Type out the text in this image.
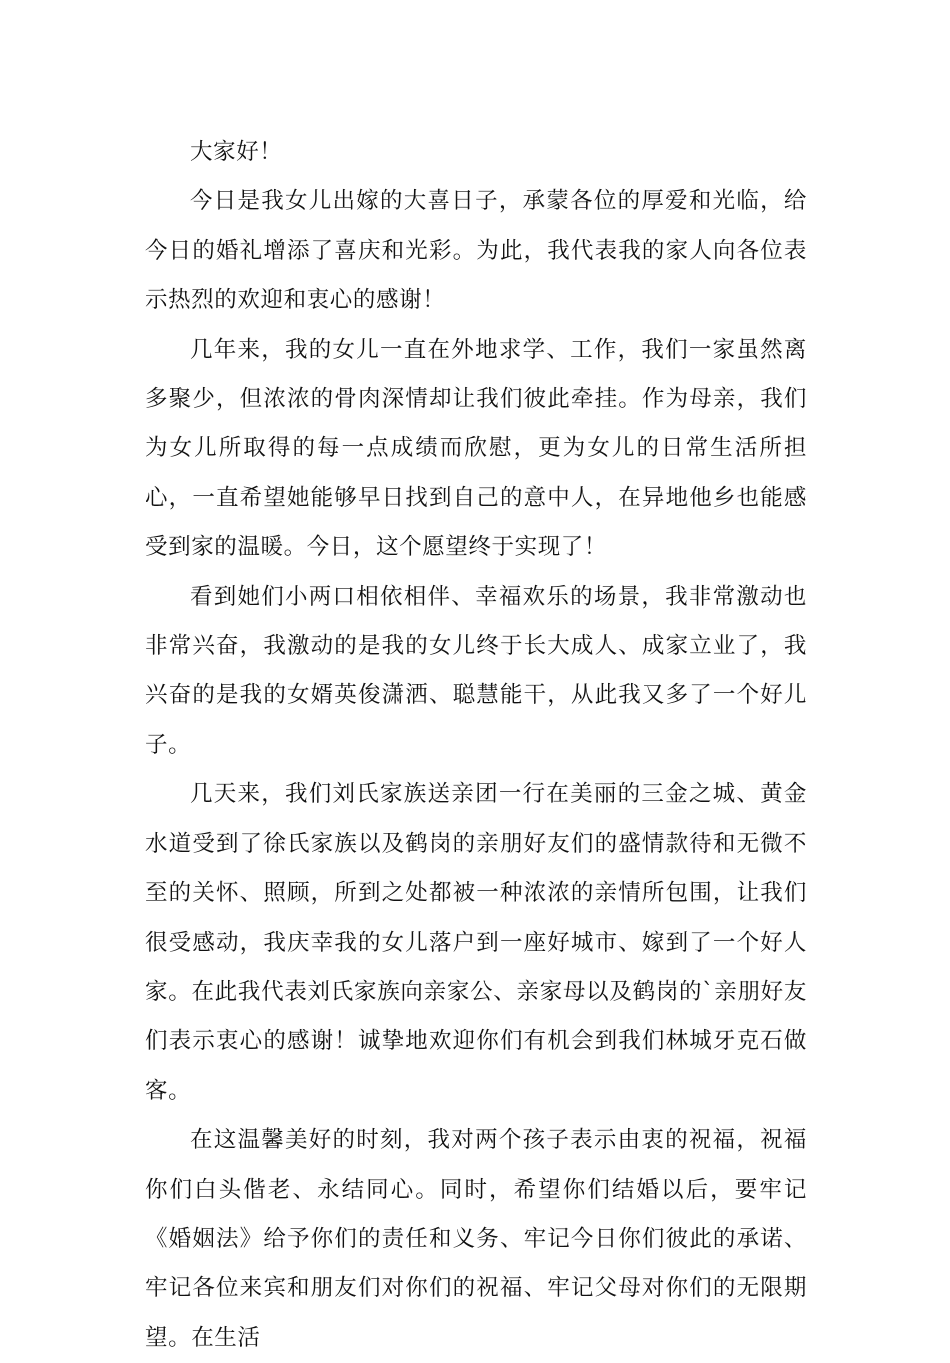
大家好！

今日是我女儿出嫁的大喜日子，承蒙各位的厚爱和光临，给今日的婚礼增添了喜庆和光彩。为此，我代表我的家人向各位表示热烈的欢迎和衷心的感谢！

几年来，我的女儿一直在外地求学、工作，我们一家虽然离多聚少，但浓浓的骨肉深情却让我们彼此牵挂。作为母亲，我们为女儿所取得的每一点成绩而欣慰，更为女儿的日常生活所担心，一直希望她能够早日找到自己的意中人，在异地他乡也能感受到家的温暖。今日，这个愿望终于实现了！

看到她们小两口相依相伴、幸福欢乐的场景，我非常激动也非常兴奋，我激动的是我的女儿终于长大成人、成家立业了，我兴奋的是我的女婿英俊潇洒、聪慧能干，从此我又多了一个好儿子。

几天来，我们刘氏家族送亲团一行在美丽的三金之城、黄金水道受到了徐氏家族以及鹤岗的亲朋好友们的盛情款待和无微不至的关怀、照顾，所到之处都被一种浓浓的亲情所包围，让我们很受感动，我庆幸我的女儿落户到一座好城市、嫁到了一个好人家。在此我代表刘氏家族向亲家公、亲家母以及鹤岗的`亲朋好友们表示衷心的感谢！诚挚地欢迎你们有机会到我们林城牙克石做客。

在这温馨美好的时刻，我对两个孩子表示由衷的祝福，祝福你们白头偕老、永结同心。同时，希望你们结婚以后，要牢记《婚姻法》给予你们的责任和义务、牢记今日你们彼此的承诺、牢记各位来宾和朋友们对你们的祝福、牢记父母对你们的无限期望。在生活
